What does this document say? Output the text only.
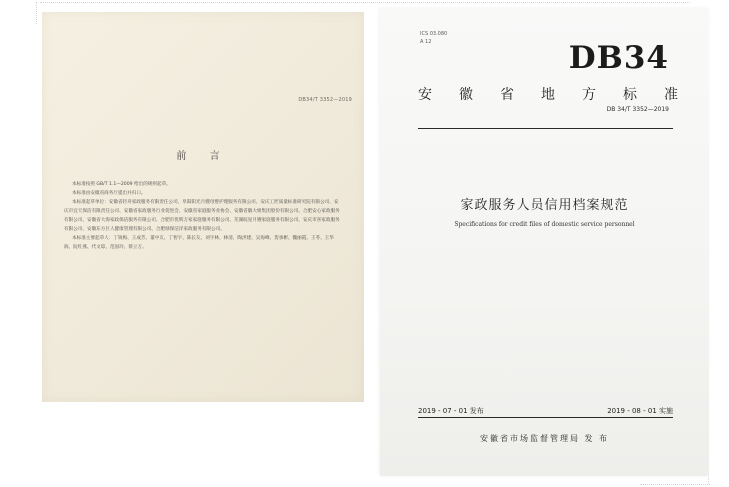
DB34/T 3352—2019
前 言

本标准按照 GB/T 1.1—2009 给出的规则起草。

本标准由安徽省商务厅提出并归口。

本标准起草单位：安徽省轻舟家政服务有限责任公司、阜阳阳光月嫂母婴护理服务有限公司、安庆工匠质量标准研究院有限公司、安庆市宜天保洁有限责任公司、安徽省家政服务行业促进会、安徽省家庭服务业协会、安徽省徽大姐集团股份有限公司、合肥安心家政服务有限公司、安徽省大海家政保洁服务有限公司、合肥市优辉万家家庭服务有限公司、芜湖皖星月嫂家庭服务有限公司、安庆市喜家政服务有限公司、安徽东方巨人健康管理有限公司、合肥绿保洁洋家政服务有限公司。

本标准主要起草人：丁锐梅、王成芳、董中友、丁智宇、陈长友、刘宇林、林清、陶洪建、吴海峰、贺承彬、魏丽霞、王苓、王华海、阮红燕、代文琼、范国玲、蔡立万。

ICS 03.080
A 12	DB34
安 徽 省 地 方 标 准
DB 34/T 3352—2019
家政服务人员信用档案规范
Specifications for credit files of domestic service personnel
2019 - 07 - 01 发布	2019 - 08 - 01 实施
安徽省市场监督管理局 发 布
